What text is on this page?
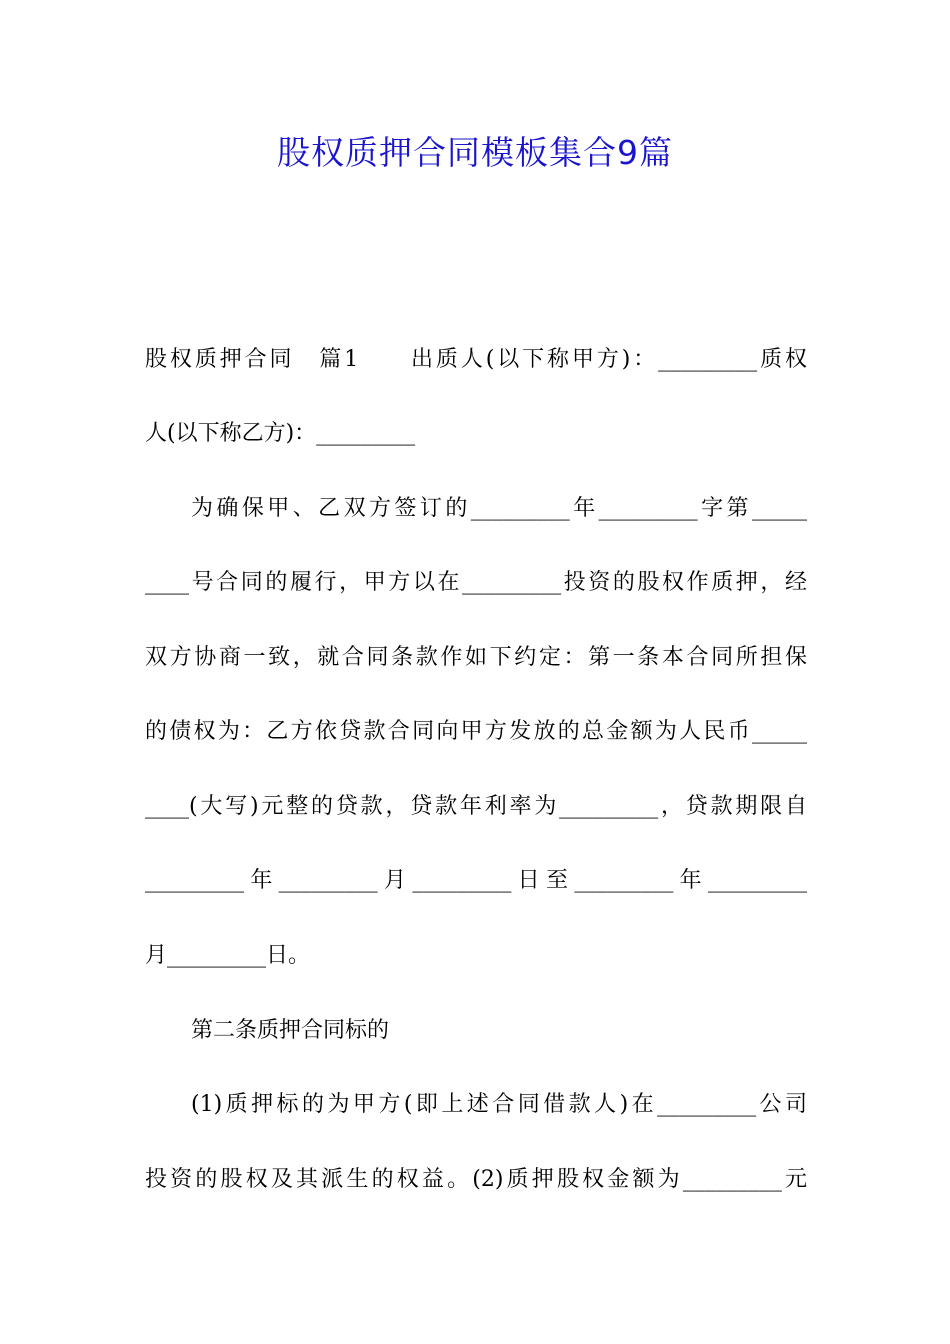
股权质押合同模板集合9篇
股权质押合同　篇1　　出质人(以下称甲方)：_________质权
人(以下称乙方)：_________
为确保甲、乙双方签订的_________年_________字第_____
____号合同的履行，甲方以在_________投资的股权作质押，经
双方协商一致，就合同条款作如下约定：第一条本合同所担保
的债权为：乙方依贷款合同向甲方发放的总金额为人民币_____
____(大写)元整的贷款，贷款年利率为_________，贷款期限自
_________年_________月_________日至_________年_________
月_________日。
第二条质押合同标的
(1)质押标的为甲方(即上述合同借款人)在_________公司
投资的股权及其派生的权益。(2)质押股权金额为_________元
